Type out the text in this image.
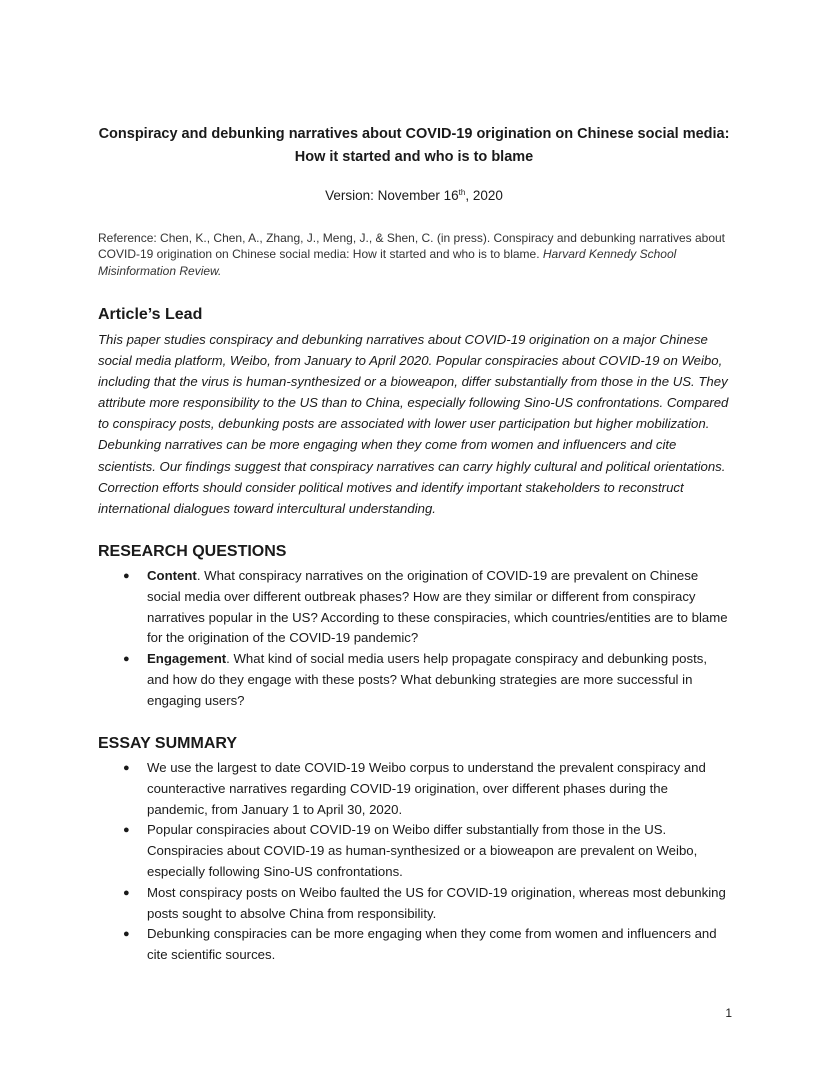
Conspiracy and debunking narratives about COVID-19 origination on Chinese social media:
How it started and who is to blame
Version: November 16th, 2020
Reference: Chen, K., Chen, A., Zhang, J., Meng, J., & Shen, C. (in press). Conspiracy and debunking narratives about COVID-19 origination on Chinese social media: How it started and who is to blame. Harvard Kennedy School Misinformation Review.
Article’s Lead
This paper studies conspiracy and debunking narratives about COVID-19 origination on a major Chinese social media platform, Weibo, from January to April 2020. Popular conspiracies about COVID-19 on Weibo, including that the virus is human-synthesized or a bioweapon, differ substantially from those in the US. They attribute more responsibility to the US than to China, especially following Sino-US confrontations. Compared to conspiracy posts, debunking posts are associated with lower user participation but higher mobilization. Debunking narratives can be more engaging when they come from women and influencers and cite scientists. Our findings suggest that conspiracy narratives can carry highly cultural and political orientations. Correction efforts should consider political motives and identify important stakeholders to reconstruct international dialogues toward intercultural understanding.
RESEARCH QUESTIONS
● Content. What conspiracy narratives on the origination of COVID-19 are prevalent on Chinese social media over different outbreak phases? How are they similar or different from conspiracy narratives popular in the US? According to these conspiracies, which countries/entities are to blame for the origination of the COVID-19 pandemic?
● Engagement. What kind of social media users help propagate conspiracy and debunking posts, and how do they engage with these posts? What debunking strategies are more successful in engaging users?
ESSAY SUMMARY
● We use the largest to date COVID-19 Weibo corpus to understand the prevalent conspiracy and counteractive narratives regarding COVID-19 origination, over different phases during the pandemic, from January 1 to April 30, 2020.
● Popular conspiracies about COVID-19 on Weibo differ substantially from those in the US. Conspiracies about COVID-19 as human-synthesized or a bioweapon are prevalent on Weibo, especially following Sino-US confrontations.
● Most conspiracy posts on Weibo faulted the US for COVID-19 origination, whereas most debunking posts sought to absolve China from responsibility.
● Debunking conspiracies can be more engaging when they come from women and influencers and cite scientific sources.
1
